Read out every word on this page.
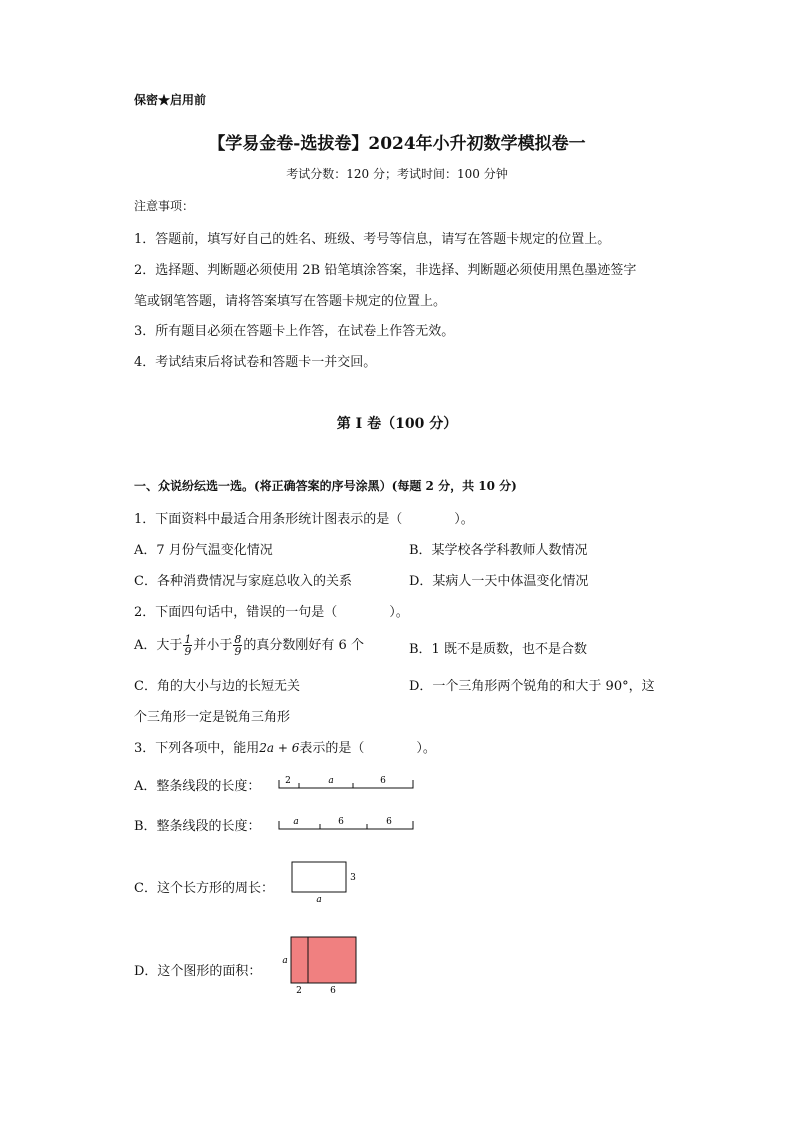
保密★启用前
【学易金卷-选拔卷】2024年小升初数学模拟卷一
考试分数：120 分；考试时间：100 分钟
注意事项：
1．答题前，填写好自己的姓名、班级、考号等信息，请写在答题卡规定的位置上。
2．选择题、判断题必须使用 2B 铅笔填涂答案，非选择、判断题必须使用黑色墨迹签字
笔或钢笔答题，请将答案填写在答题卡规定的位置上。
3．所有题目必须在答题卡上作答，在试卷上作答无效。
4．考试结束后将试卷和答题卡一并交回。
第 I 卷（100 分）
一、众说纷纭选一选。(将正确答案的序号涂黑）(每题 2 分，共 10 分)
1．下面资料中最适合用条形统计图表示的是（　　　　）。
A．7 月份气温变化情况	B．某学校各学科教师人数情况
C．各种消费情况与家庭总收入的关系	D．某病人一天中体温变化情况
2．下面四句话中，错误的一句是（　　　　）。
A．大于 $\frac{1}{9}$ 并小于 $\frac{8}{9}$ 的真分数刚好有 6 个	B．1 既不是质数，也不是合数
C．角的大小与边的长短无关	D．一个三角形两个锐角的和大于 90°，这
个三角形一定是锐角三角形
3．下列各项中，能用2a + 6表示的是（　　　　）。
A．整条线段的长度：	2	a	6
B．整条线段的长度：	a	6	6
C．这个长方形的周长：
3
a
D．这个图形的面积：
a
2	6
